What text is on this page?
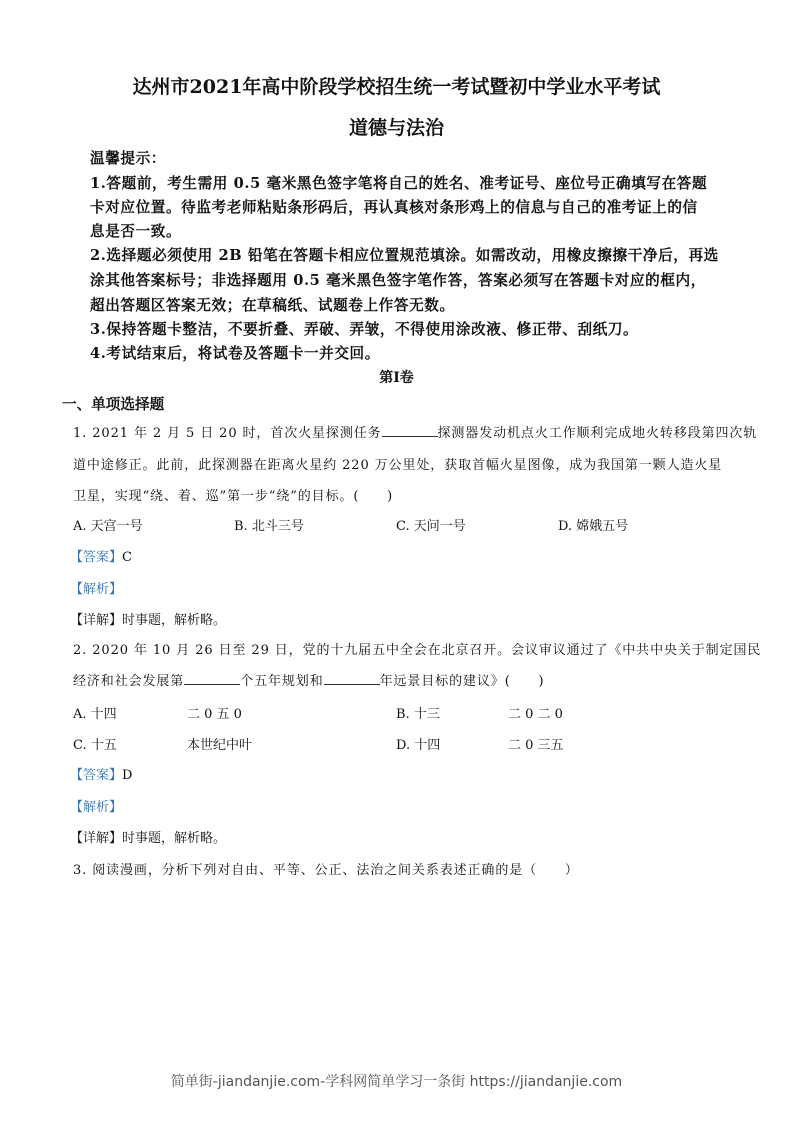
达州市2021年高中阶段学校招生统一考试暨初中学业水平考试
道德与法治
温馨提示：
1.答题前，考生需用 0.5 毫米黑色签字笔将自己的姓名、准考证号、座位号正确填写在答题
卡对应位置。待监考老师粘贴条形码后，再认真核对条形鸡上的信息与自己的准考证上的信
息是否一致。
2.选择题必须使用 2B 铅笔在答题卡相应位置规范填涂。如需改动，用橡皮擦擦干净后，再选
涂其他答案标号；非选择题用 0.5 毫米黑色签字笔作答，答案必须写在答题卡对应的框内，
超出答题区答案无效；在草稿纸、试题卷上作答无数。
3.保持答题卡整洁，不要折叠、弄破、弄皱，不得使用涂改液、修正带、刮纸刀。
4.考试结束后，将试卷及答题卡一并交回。
第Ⅰ卷
一、单项选择题
1. 2021 年 2 月 5 日 20 时，首次火星探测任务	探测器发动机点火工作顺利完成地火转移段第四次轨
道中途修正。此前，此探测器在距离火星约 220 万公里处，获取首幅火星图像，成为我国第一颗人造火星
卫星，实现“绕、着、巡”第一步“绕”的目标。(　　)
A. 天宫一号	B. 北斗三号	C. 天问一号	D. 嫦娥五号
【答案】C
【解析】
【详解】时事题，解析略。
2. 2020 年 10 月 26 日至 29 日，党的十九届五中全会在北京召开。会议审议通过了《中共中央关于制定国民
经济和社会发展第	个五年规划和	年远景目标的建议》(　　)
A. 十四	二 0 五 0	B. 十三	二 0 二 0
C. 十五	本世纪中叶	D. 十四	二 0 三五
【答案】D
【解析】
【详解】时事题，解析略。
3. 阅读漫画，分析下列对自由、平等、公正、法治之间关系表述正确的是（　　）
简单街-jiandanjie.com-学科网简单学习一条街 https://jiandanjie.com
